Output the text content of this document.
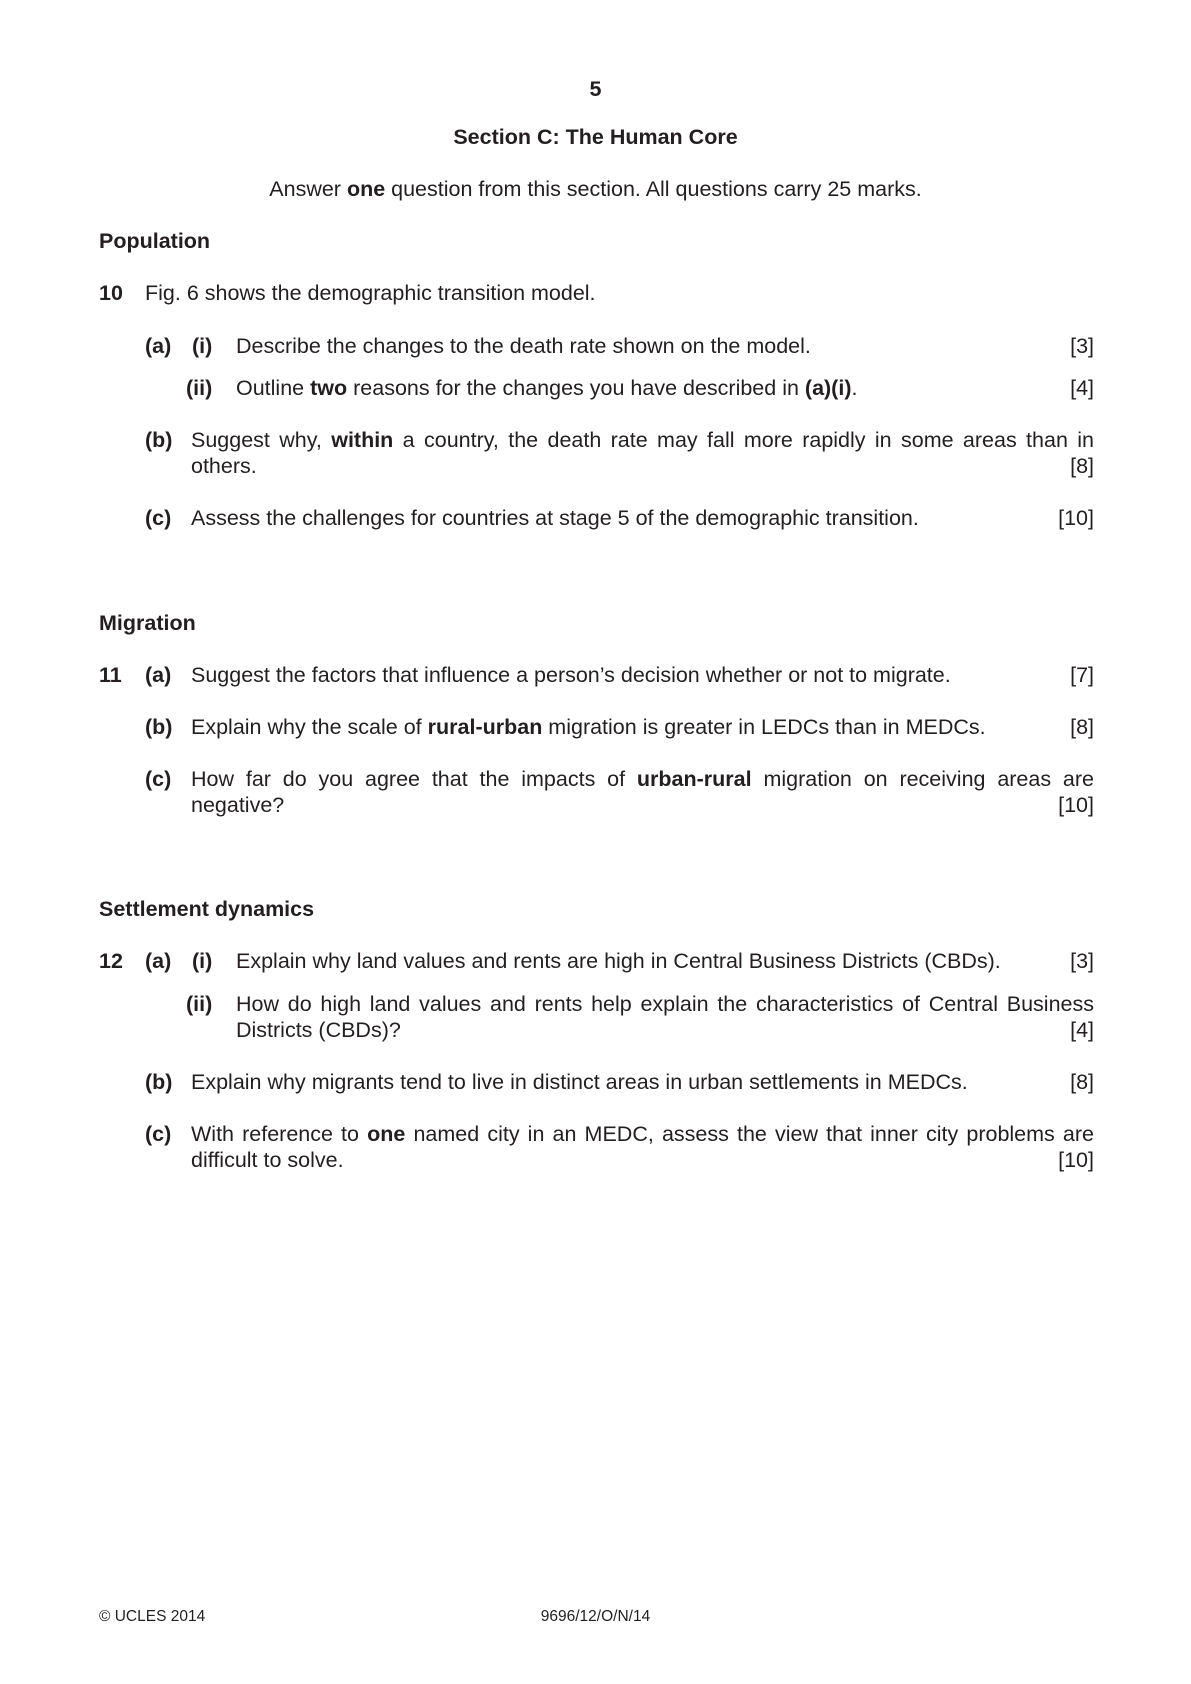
5
Section C: The Human Core
Answer one question from this section. All questions carry 25 marks.
Population
10 Fig. 6 shows the demographic transition model.
(a) (i) Describe the changes to the death rate shown on the model.	[3]
(ii) Outline two reasons for the changes you have described in (a)(i).	[4]
(b) Suggest why, within a country, the death rate may fall more rapidly in some areas than in
others.	[8]
(c) Assess the challenges for countries at stage 5 of the demographic transition.	[10]
Migration
11 (a) Suggest the factors that influence a person’s decision whether or not to migrate.	[7]
(b) Explain why the scale of rural-urban migration is greater in LEDCs than in MEDCs.	[8]
(c) How far do you agree that the impacts of urban-rural migration on receiving areas are
negative?	[10]
Settlement dynamics
12 (a) (i) Explain why land values and rents are high in Central Business Districts (CBDs).	[3]
(ii) How do high land values and rents help explain the characteristics of Central Business
Districts (CBDs)?	[4]
(b) Explain why migrants tend to live in distinct areas in urban settlements in MEDCs.	[8]
(c) With reference to one named city in an MEDC, assess the view that inner city problems are
difficult to solve.	[10]
© UCLES 2014	9696/12/O/N/14
